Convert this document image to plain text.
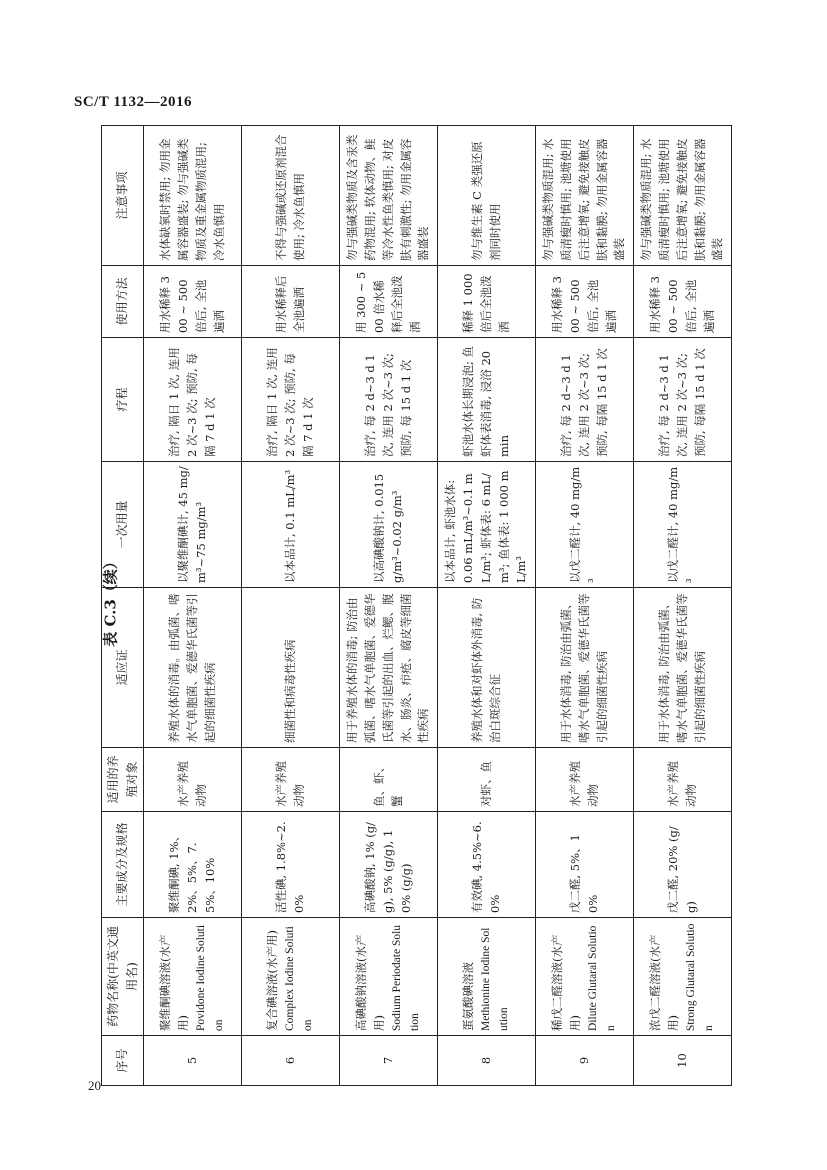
SC/T 1132—2016
表 C.3（续）
序号	药物名称(中英文通用名)	主要成分及规格	适用的养殖对象	适应证	一次用量	疗程	使用方法	注意事项
5	聚维酮碘溶液(水产用) Povidone Iodine Solution	聚维酮碘, 1%、2%、5%、7.5%、10%	水产养殖动物	养殖水体的消毒。由弧菌、嗜水气单胞菌、爱德华氏菌等引起的细菌性疾病	以聚维酮碘计, 45 mg/m³~75 mg/m³	治疗, 隔日 1 次, 连用 2 次~3 次; 预防, 每隔 7 d 1 次	用水稀释 300 ~ 500 倍后, 全池遍洒	水体缺氧时禁用; 勿用金属容器盛装; 勿与强碱类物质及重金属物质混用; 冷水鱼慎用
6	复合碘溶液(水产用) Complex Iodine Solution	活性碘, 1.8%~2.0%	水产养殖动物	细菌性和病毒性疾病	以本品计, 0.1 mL/m³	治疗, 隔日 1 次, 连用 2 次~3 次; 预防, 每隔 7 d 1 次	用水稀释后全池遍洒	不得与强碱或还原剂混合使用; 冷水鱼慎用
7	高碘酸钠溶液(水产用) Sodium Periodate Solution	高碘酸钠, 1% (g/g), 5% (g/g), 10% (g/g)	鱼、虾、蟹	用于养殖水体的消毒; 防治由弧菌、嗜水气单胞菌、爱德华氏菌等引起的出血、烂鳃、腹水、肠炎、疖疮、腐皮等细菌性疾病	以高碘酸钠计, 0.015 g/m³~0.02 g/m³	治疗, 每 2 d~3 d 1 次, 连用 2 次~3 次; 预防, 每 15 d 1 次	用 300 ~ 500 倍水稀释后全池泼洒	勿与强碱类物质及含汞类药物混用; 软体动物、鲑等冷水性鱼类慎用; 对皮肤有刺激性; 勿用金属容器盛装
8	蛋氨酸碘溶液 Methionine Iodine Solution	有效碘, 4.5%~6.0%	对虾、鱼	养殖水体和对虾体外消毒, 防治白斑综合征	以本品计, 虾池水体: 0.06 mL/m³~0.1 mL/m³; 虾体表: 6 mL/m³; 鱼体表: 1 000 mL/m³	虾池水体长期浸泡; 鱼虾体表消毒, 浸浴 20 min	稀释 1 000 倍后全池泼洒	勿与维生素 C 类强还原剂同时使用
9	稀戊二醛溶液(水产用) Dilute Glutaral Solution	戊二醛, 5%、10%	水产养殖动物	用于水体消毒, 防治由弧菌、嗜水气单胞菌、爱德华氏菌等引起的细菌性疾病	以戊二醛计, 40 mg/m³	治疗, 每 2 d~3 d 1 次, 连用 2 次~3 次; 预防, 每隔 15 d 1 次	用水稀释 300 ~ 500 倍后, 全池遍洒	勿与强碱类物质混用; 水质清瘦时慎用; 池塘使用后注意增氧; 避免接触皮肤和黏膜; 勿用金属容器盛装
10	浓戊二醛溶液(水产用) Strong Glutaral Solution	戊二醛, 20% (g/g)	水产养殖动物	用于水体消毒, 防治由弧菌、嗜水气单胞菌、爱德华氏菌等引起的细菌性疾病	以戊二醛计, 40 mg/m³	治疗, 每 2 d~3 d 1 次, 连用 2 次~3 次; 预防, 每隔 15 d 1 次	用水稀释 300 ~ 500 倍后, 全池遍洒	勿与强碱类物质混用; 水质清瘦时慎用; 池塘使用后注意增氧; 避免接触皮肤和黏膜; 勿用金属容器盛装
20
